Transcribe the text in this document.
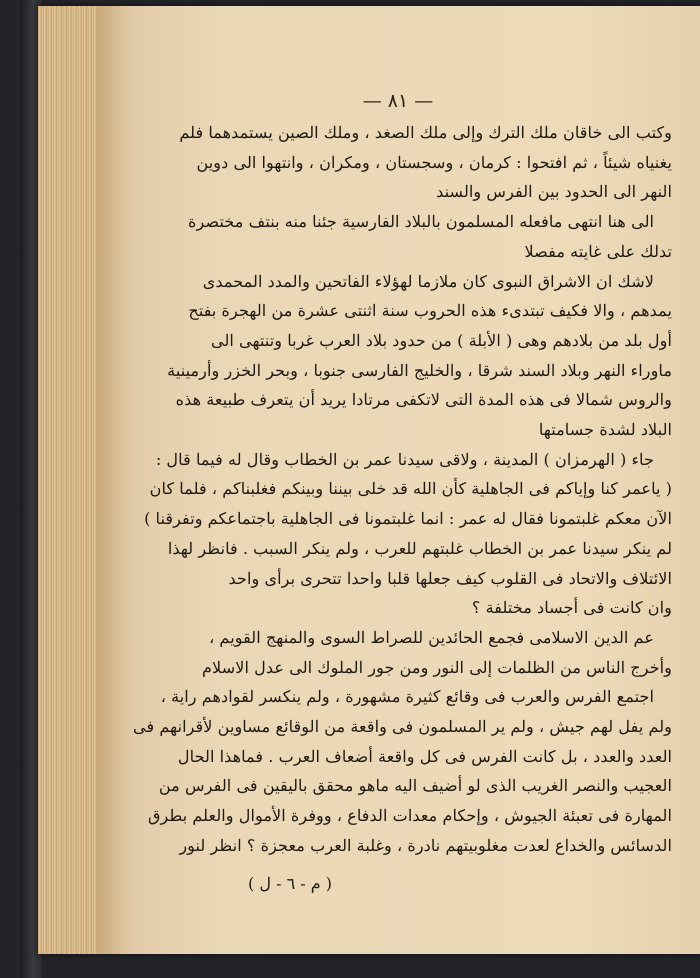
— ٨١ —
وكتب الى خاقان ملك الترك وإلى ملك الصغد ، وملك الصين يستمدهما فلم
يغنياه شيئاً ، ثم افتحوا : كرمان ، وسجستان ، ومكران ، وانتهوا الى دوين
النهر الى الحدود بين الفرس والسند
الى هنا انتهى مافعله المسلمون بالبلاد الفارسية جئنا منه بنتف مختصرة
تدلك على غايته مفصلا
لاشك ان الاشراق النبوى كان ملازما لهؤلاء الفاتحين والمدد المحمدى
يمدهم ، والا فكيف تبتدىء هذه الحروب سنة اثنتى عشرة من الهجرة بفتح
أول بلد من بلادهم وهى ( الأبلة ) من حدود بلاد العرب غربا وتنتهى الى
ماوراء النهر وبلاد السند شرقا ، والخليج الفارسى جنوبا ، وبحر الخزر وأرمينية
والروس شمالا فى هذه المدة التى لاتكفى مرتادا يريد أن يتعرف طبيعة هذه
البلاد لشدة جسامتها
جاء ( الهرمزان ) المدينة ، ولاقى سيدنا عمر بن الخطاب وقال له فيما قال :
( ياعمر كنا وإياكم فى الجاهلية كأن الله قد خلى بيننا وبينكم فغلبناكم ، فلما كان
الآن معكم غلبتمونا فقال له عمر : انما غلبتمونا فى الجاهلية باجتماعكم وتفرقنا )
لم ينكر سيدنا عمر بن الخطاب غلبتهم للعرب ، ولم ينكر السبب . فانظر لهذا
الائتلاف والاتحاد فى القلوب كيف جعلها قلبا واحدا تتحرى برأى واحد
وان كانت فى أجساد مختلفة ؟
عم الدين الاسلامى فجمع الحائدين للصراط السوى والمنهج القويم ،
وأخرج الناس من الظلمات إلى النور ومن جور الملوك الى عدل الاسلام
اجتمع الفرس والعرب فى وقائع كثيرة مشهورة ، ولم ينكسر لقوادهم راية ،
ولم يفل لهم جيش ، ولم ير المسلمون فى واقعة من الوقائع مساوين لأقرانهم فى
العدد والعدد ، بل كانت الفرس فى كل واقعة أضعاف العرب . فماهذا الحال
العجيب والنصر الغريب الذى لو أضيف اليه ماهو محقق باليقين فى الفرس من
المهارة فى تعبئة الجيوش ، وإحكام معدات الدفاع ، ووفرة الأموال والعلم بطرق
الدسائس والخداع لعدت مغلوبيتهم نادرة ، وغلبة العرب معجزة ؟ انظر لنور
( م - ٦ - ل )
